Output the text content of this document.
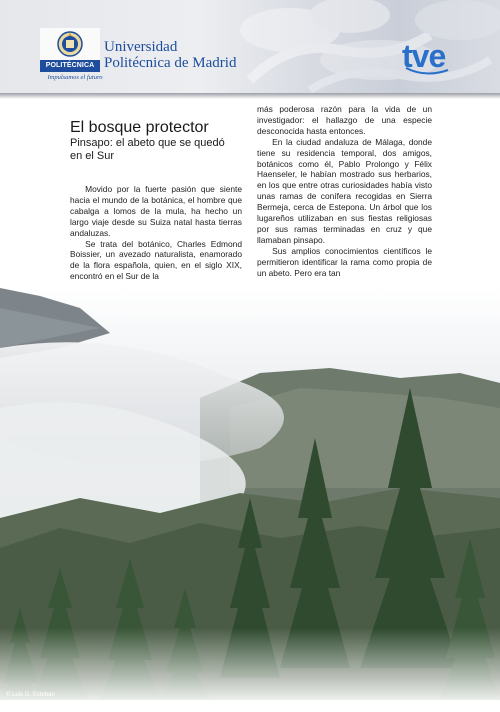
POLITÉCNICA
Impulsamos el futuro
Universidad
Politécnica de Madrid	tve
El bosque protector
Pinsapo: el abeto que se quedó en el Sur

Movido por la fuerte pasión que siente hacia el mundo de la botánica, el hombre que cabalga a lomos de la mula, ha hecho un largo viaje desde su Suiza natal hasta tierras andaluzas.

Se trata del botánico, Charles Edmond Boissier, un avezado naturalista, enamorado de la flora española, quien, en el siglo XIX, encontró en el Sur de la

más poderosa razón para la vida de un investigador: el hallazgo de una especie desconocida hasta entonces.

En la ciudad andaluza de Málaga, donde tiene su residencia temporal, dos amigos, botánicos como él, Pablo Prolongo y Félix Haenseler, le habían mostrado sus herbarios, en los que entre otras curiosidades había visto unas ramas de conífera recogidas en Sierra Bermeja, cerca de Estepona. Un árbol que los lugareños utilizaban en sus fiestas religiosas por sus ramas terminadas en cruz y que llamaban pinsapo.

Sus amplios conocimientos científicos le permitieron identificar la rama como propia de un abeto. Pero era tan

© Luis G. Esteban
